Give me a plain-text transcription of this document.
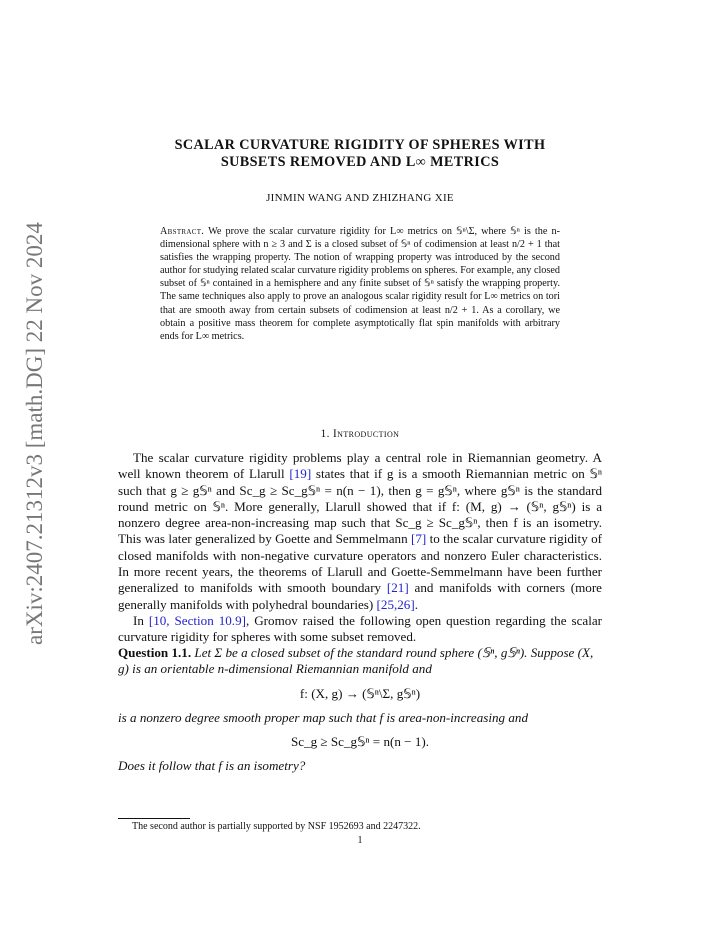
arXiv:2407.21312v3 [math.DG] 22 Nov 2024
SCALAR CURVATURE RIGIDITY OF SPHERES WITH
SUBSETS REMOVED AND L∞ METRICS
JINMIN WANG AND ZHIZHANG XIE
Abstract. We prove the scalar curvature rigidity for L∞ metrics on 𝕊ⁿ\Σ, where 𝕊ⁿ is the n-dimensional sphere with n ≥ 3 and Σ is a closed subset of 𝕊ⁿ of codimension at least n/2 + 1 that satisfies the wrapping property. The notion of wrapping property was introduced by the second author for studying related scalar curvature rigidity problems on spheres. For example, any closed subset of 𝕊ⁿ contained in a hemisphere and any finite subset of 𝕊ⁿ satisfy the wrapping property. The same techniques also apply to prove an analogous scalar rigidity result for L∞ metrics on tori that are smooth away from certain subsets of codimension at least n/2 + 1. As a corollary, we obtain a positive mass theorem for complete asymptotically flat spin manifolds with arbitrary ends for L∞ metrics.
1. Introduction

The scalar curvature rigidity problems play a central role in Riemannian geometry. A well known theorem of Llarull [19] states that if g is a smooth Riemannian metric on 𝕊ⁿ such that g ≥ g𝕊ⁿ and Sc_g ≥ Sc_g𝕊ⁿ = n(n − 1), then g = g𝕊ⁿ, where g𝕊ⁿ is the standard round metric on 𝕊ⁿ. More generally, Llarull showed that if f: (M, g) → (𝕊ⁿ, g𝕊ⁿ) is a nonzero degree area-non-increasing map such that Sc_g ≥ Sc_g𝕊ⁿ, then f is an isometry. This was later generalized by Goette and Semmelmann [7] to the scalar curvature rigidity of closed manifolds with non-negative curvature operators and nonzero Euler characteristics. In more recent years, the theorems of Llarull and Goette-Semmelmann have been further generalized to manifolds with smooth boundary [21] and manifolds with corners (more generally manifolds with polyhedral boundaries) [25,26].

In [10, Section 10.9], Gromov raised the following open question regarding the scalar curvature rigidity for spheres with some subset removed.

Question 1.1. Let Σ be a closed subset of the standard round sphere (𝕊ⁿ, g𝕊ⁿ). Suppose (X, g) is an orientable n-dimensional Riemannian manifold and
f: (X, g) → (𝕊ⁿ\Σ, g𝕊ⁿ)
is a nonzero degree smooth proper map such that f is area-non-increasing and
Sc_g ≥ Sc_g𝕊ⁿ = n(n − 1).
Does it follow that f is an isometry?
The second author is partially supported by NSF 1952693 and 2247322.
1
